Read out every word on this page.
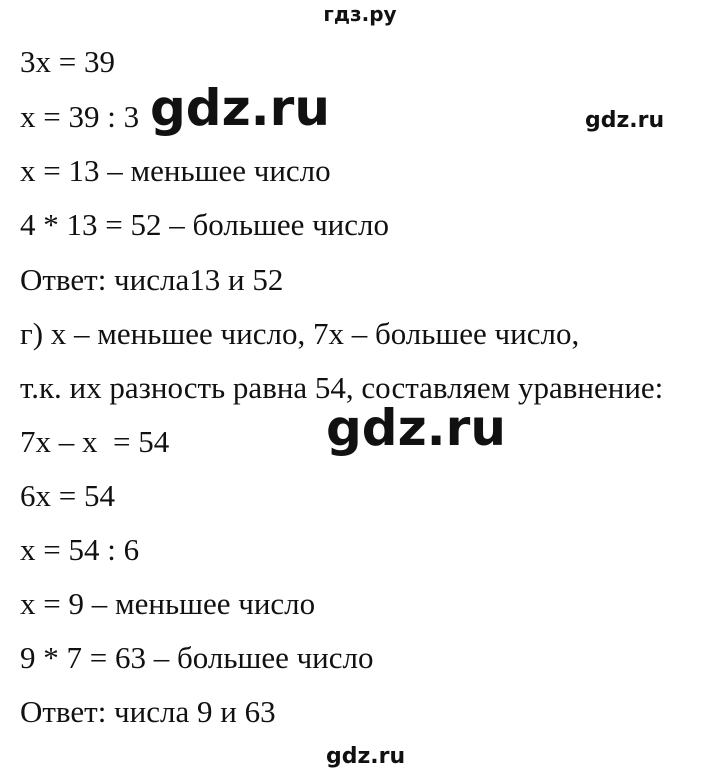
гдз.ру
3x = 39
x = 39 : 3
x = 13 – меньшее число
4 * 13 = 52 – большее число
Ответ: числа13 и 52
г) x – меньшее число, 7x – большее число,
т.к. их разность равна 54, составляем уравнение:
7x – x  = 54
6x = 54
x = 54 : 6
x = 9 – меньшее число
9 * 7 = 63 – большее число
Ответ: числа 9 и 63
gdz.ru	gdz.ru
gdz.ru
gdz.ru
